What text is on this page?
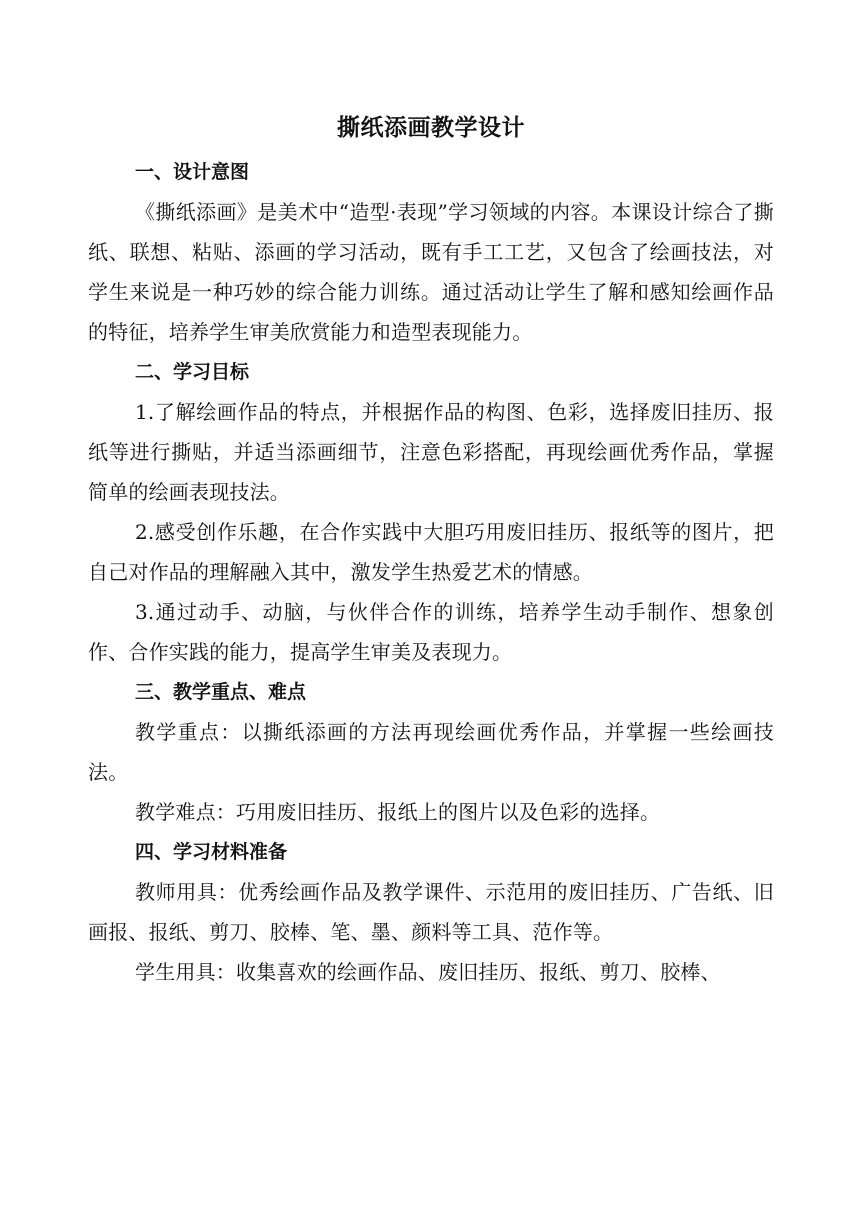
撕纸添画教学设计
一、设计意图

《撕纸添画》是美术中“造型·表现”学习领域的内容。本课设计综合了撕纸、联想、粘贴、添画的学习活动，既有手工工艺，又包含了绘画技法，对学生来说是一种巧妙的综合能力训练。通过活动让学生了解和感知绘画作品的特征，培养学生审美欣赏能力和造型表现能力。

二、学习目标

1.了解绘画作品的特点，并根据作品的构图、色彩，选择废旧挂历、报纸等进行撕贴，并适当添画细节，注意色彩搭配，再现绘画优秀作品，掌握简单的绘画表现技法。

2.感受创作乐趣，在合作实践中大胆巧用废旧挂历、报纸等的图片，把自己对作品的理解融入其中，激发学生热爱艺术的情感。

3.通过动手、动脑，与伙伴合作的训练，培养学生动手制作、想象创作、合作实践的能力，提高学生审美及表现力。

三、教学重点、难点

教学重点：以撕纸添画的方法再现绘画优秀作品，并掌握一些绘画技法。

教学难点：巧用废旧挂历、报纸上的图片以及色彩的选择。

四、学习材料准备

教师用具：优秀绘画作品及教学课件、示范用的废旧挂历、广告纸、旧画报、报纸、剪刀、胶棒、笔、墨、颜料等工具、范作等。

学生用具：收集喜欢的绘画作品、废旧挂历、报纸、剪刀、胶棒、
